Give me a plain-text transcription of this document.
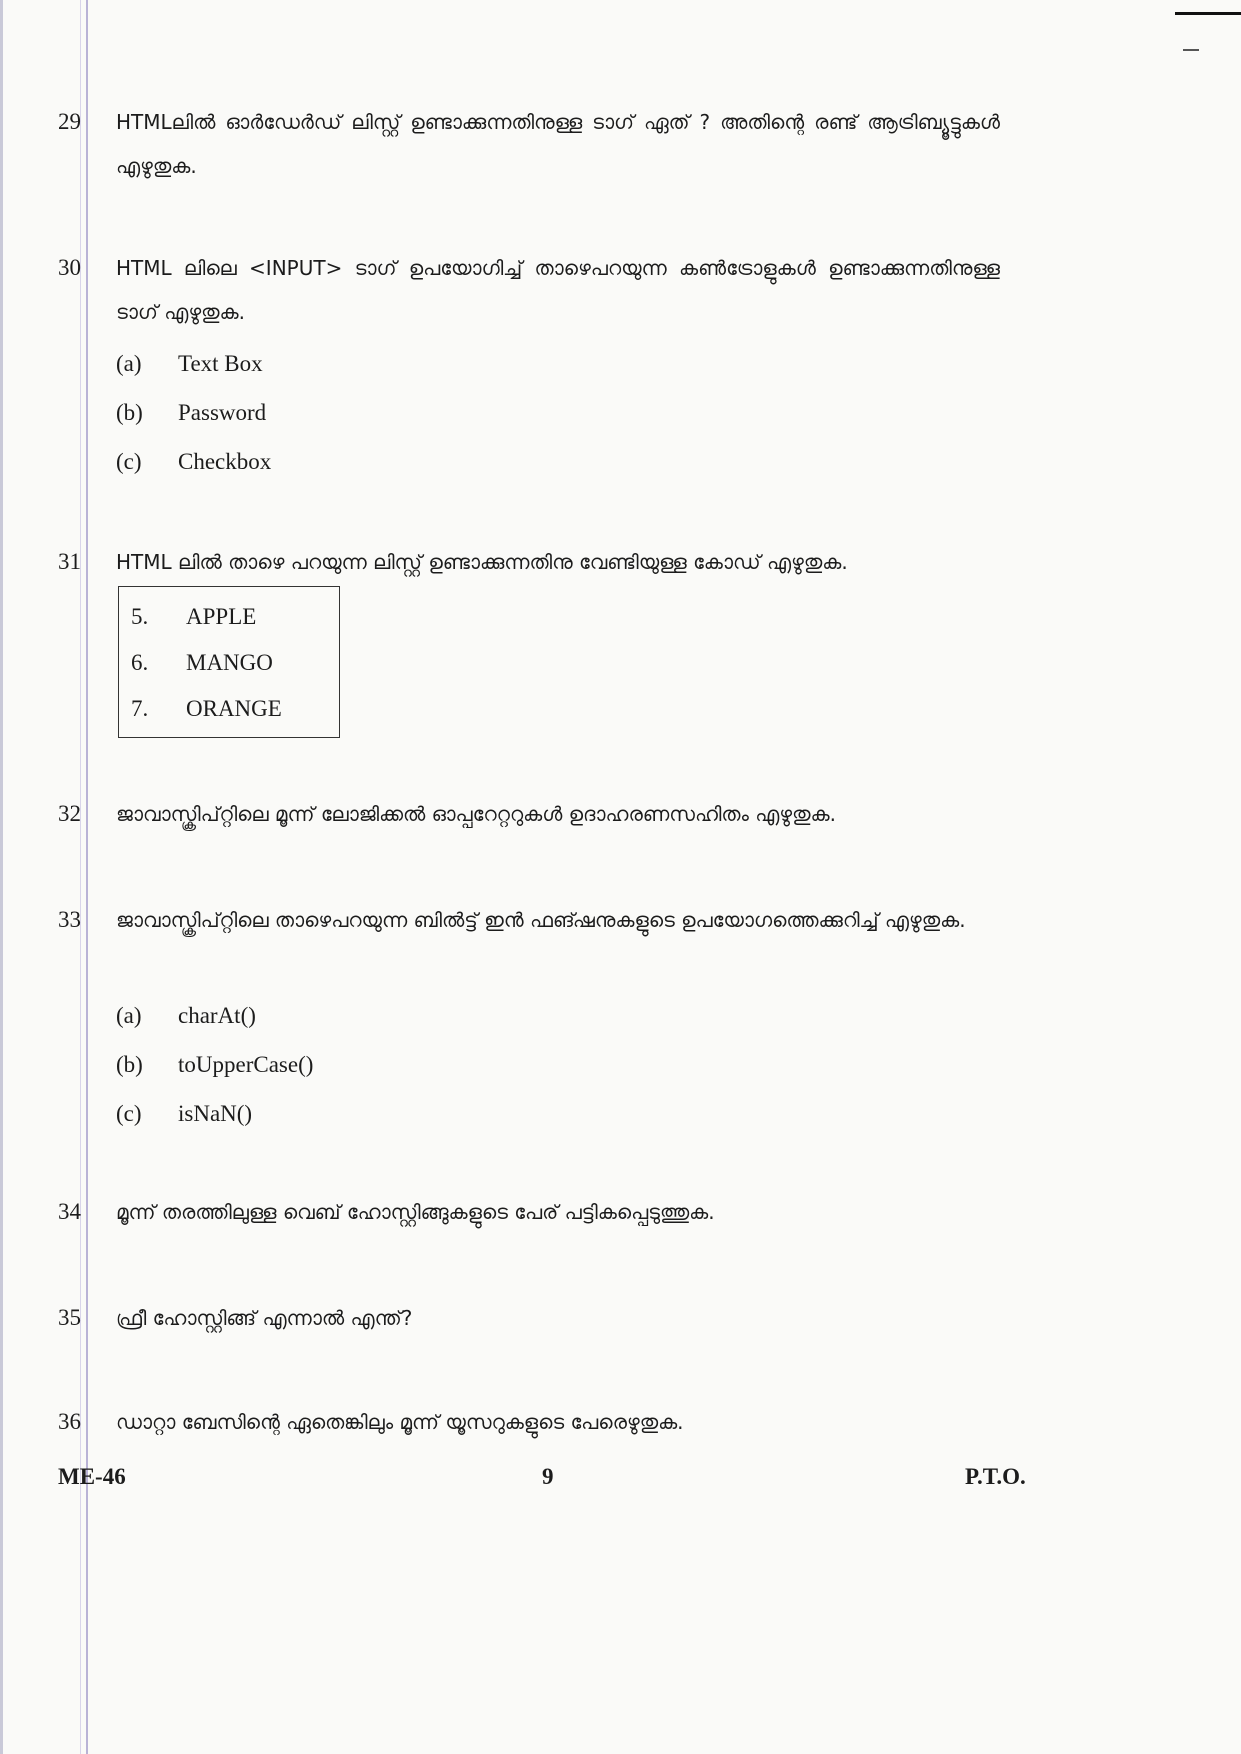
29 HTMLലിൽ ഓർഡേർഡ് ലിസ്റ്റ് ഉണ്ടാക്കുന്നതിനുള്ള ടാഗ് ഏത് ? അതിന്റെ രണ്ട് ആട്രിബ്യൂട്ടുകൾ എഴുതുക.
30 HTML ലിലെ <INPUT> ടാഗ് ഉപയോഗിച്ച് താഴെപറയുന്ന കൺട്രോളുകൾ ഉണ്ടാക്കുന്നതിനുള്ള ടാഗ് എഴുതുക.
(a) Text Box
(b) Password
(c) Checkbox
31 HTML ലിൽ താഴെ പറയുന്ന ലിസ്റ്റ് ഉണ്ടാക്കുന്നതിനു വേണ്ടിയുള്ള കോഡ് എഴുതുക.
5. APPLE
6. MANGO
7. ORANGE
32 ജാവാസ്ക്രിപ്റ്റിലെ മൂന്ന് ലോജിക്കൽ ഓപ്പറേറ്ററുകൾ ഉദാഹരണസഹിതം എഴുതുക.
33 ജാവാസ്ക്രിപ്റ്റിലെ താഴെപറയുന്ന ബിൽട്ട് ഇൻ ഫങ്ഷനുകളുടെ ഉപയോഗത്തെക്കുറിച്ച് എഴുതുക.
(a) charAt()
(b) toUpperCase()
(c) isNaN()
34 മൂന്ന് തരത്തിലുള്ള വെബ് ഹോസ്റ്റിങ്ങുകളുടെ പേര് പട്ടികപ്പെടുത്തുക.
35 ഫ്രീ ഹോസ്റ്റിങ്ങ് എന്നാൽ എന്ത്?
36 ഡാറ്റാ ബേസിന്റെ ഏതെങ്കിലും മൂന്ന് യൂസറുകളുടെ പേരെഴുതുക.
ME-46	9	P.T.O.
